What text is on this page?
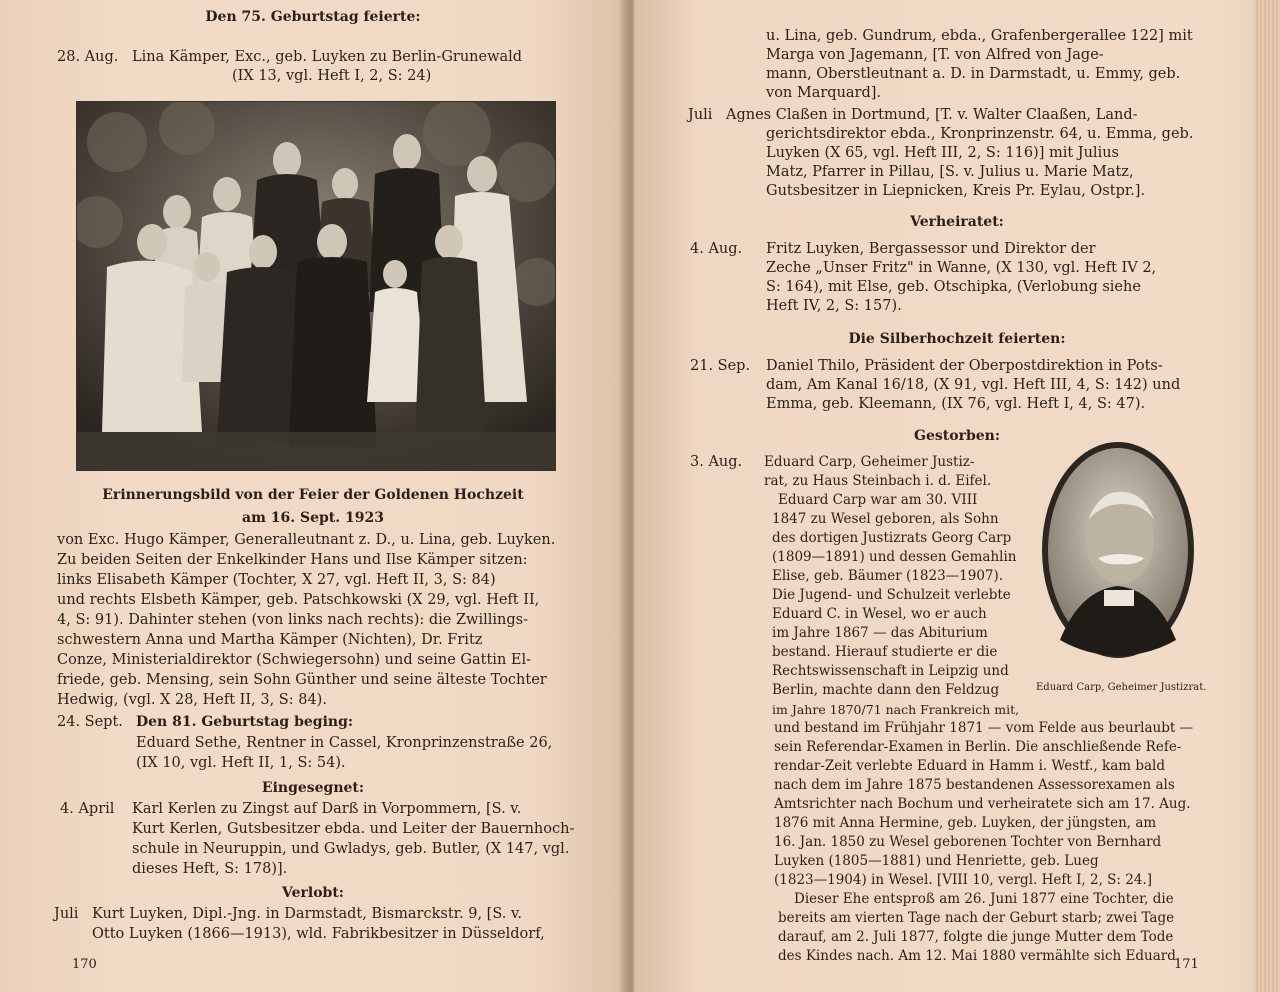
Den 75. Geburtstag feierte:
28. Aug. Lina Kämper, Exc., geb. Luyken zu Berlin-Grunewald
(IX 13, vgl. Heft I, 2, S: 24)
Erinnerungsbild von der Feier der Goldenen Hochzeit
am 16. Sept. 1923
von Exc. Hugo Kämper, Generalleutnant z. D., u. Lina, geb. Luyken.
Zu beiden Seiten der Enkelkinder Hans und Ilse Kämper sitzen:
links Elisabeth Kämper (Tochter, X 27, vgl. Heft II, 3, S: 84)
und rechts Elsbeth Kämper, geb. Patschkowski (X 29, vgl. Heft II,
4, S: 91). Dahinter stehen (von links nach rechts): die Zwillings-
schwestern Anna und Martha Kämper (Nichten), Dr. Fritz
Conze, Ministerialdirektor (Schwiegersohn) und seine Gattin El-
friede, geb. Mensing, sein Sohn Günther und seine älteste Tochter
Hedwig, (vgl. X 28, Heft II, 3, S: 84).
24. Sept. Den 81. Geburtstag beging:
Eduard Sethe, Rentner in Cassel, Kronprinzenstraße 26,
(IX 10, vgl. Heft II, 1, S: 54).
Eingesegnet:
4. April Karl Kerlen zu Zingst auf Darß in Vorpommern, [S. v.
Kurt Kerlen, Gutsbesitzer ebda. und Leiter der Bauernhoch-
schule in Neuruppin, und Gwladys, geb. Butler, (X 147, vgl.
dieses Heft, S: 178)].
Verlobt:
Juli Kurt Luyken, Dipl.-Jng. in Darmstadt, Bismarckstr. 9, [S. v.
Otto Luyken (1866—1913), wld. Fabrikbesitzer in Düsseldorf,
170
u. Lina, geb. Gundrum, ebda., Grafenbergerallee 122] mit
Marga von Jagemann, [T. von Alfred von Jage-
mann, Oberstleutnant a. D. in Darmstadt, u. Emmy, geb.
von Marquard].
Juli Agnes Claßen in Dortmund, [T. v. Walter Claaßen, Land-
gerichtsdirektor ebda., Kronprinzenstr. 64, u. Emma, geb.
Luyken (X 65, vgl. Heft III, 2, S: 116)] mit Julius
Matz, Pfarrer in Pillau, [S. v. Julius u. Marie Matz,
Gutsbesitzer in Liepnicken, Kreis Pr. Eylau, Ostpr.].
Verheiratet:
4. Aug. Fritz Luyken, Bergassessor und Direktor der
Zeche „Unser Fritz" in Wanne, (X 130, vgl. Heft IV 2,
S: 164), mit Else, geb. Otschipka, (Verlobung siehe
Heft IV, 2, S: 157).
Die Silberhochzeit feierten:
21. Sep. Daniel Thilo, Präsident der Oberpostdirektion in Pots-
dam, Am Kanal 16/18, (X 91, vgl. Heft III, 4, S: 142) und
Emma, geb. Kleemann, (IX 76, vgl. Heft I, 4, S: 47).
Gestorben:
3. Aug. Eduard Carp, Geheimer Justiz-
rat, zu Haus Steinbach i. d. Eifel.
Eduard Carp war am 30. VIII
1847 zu Wesel geboren, als Sohn
des dortigen Justizrats Georg Carp
(1809—1891) und dessen Gemahlin
Elise, geb. Bäumer (1823—1907).
Die Jugend- und Schulzeit verlebte
Eduard C. in Wesel, wo er auch
im Jahre 1867 — das Abiturium
bestand. Hierauf studierte er die
Rechtswissenschaft in Leipzig und
Berlin, machte dann den Feldzug
im Jahre 1870/71 nach Frankreich mit,
und bestand im Frühjahr 1871 — vom Felde aus beurlaubt —
sein Referendar-Examen in Berlin. Die anschließende Refe-
rendar-Zeit verlebte Eduard in Hamm i. Westf., kam bald
nach dem im Jahre 1875 bestandenen Assessorexamen als
Amtsrichter nach Bochum und verheiratete sich am 17. Aug.
1876 mit Anna Hermine, geb. Luyken, der jüngsten, am
16. Jan. 1850 zu Wesel geborenen Tochter von Bernhard
Luyken (1805—1881) und Henriette, geb. Lueg
(1823—1904) in Wesel. [VIII 10, vergl. Heft I, 2, S: 24.]
Dieser Ehe entsproß am 26. Juni 1877 eine Tochter, die
bereits am vierten Tage nach der Geburt starb; zwei Tage
darauf, am 2. Juli 1877, folgte die junge Mutter dem Tode
des Kindes nach. Am 12. Mai 1880 vermählte sich Eduard
171
Eduard Carp, Geheimer Justizrat.
